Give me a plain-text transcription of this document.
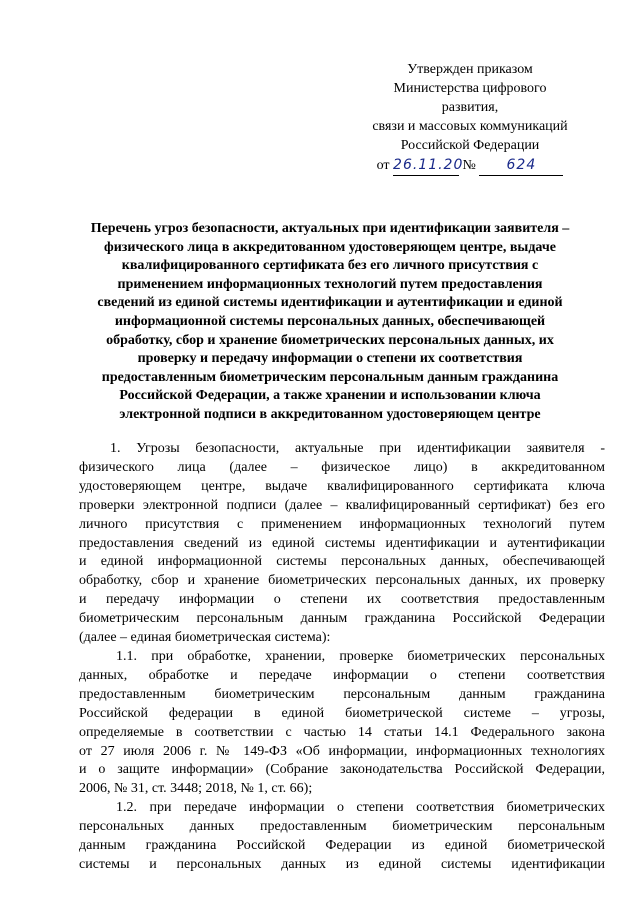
Утвержден приказом
Министерства цифрового
развития,
связи и массовых коммуникаций
Российской Федерации
от 26.11.20 № 624
Перечень угроз безопасности, актуальных при идентификации заявителя –
физического лица в аккредитованном удостоверяющем центре, выдаче
квалифицированного сертификата без его личного присутствия с
применением информационных технологий путем предоставления
сведений из единой системы идентификации и аутентификации и единой
информационной системы персональных данных, обеспечивающей
обработку, сбор и хранение биометрических персональных данных, их
проверку и передачу информации о степени их соответствия
предоставленным биометрическим персональным данным гражданина
Российской Федерации, а также хранении и использовании ключа
электронной подписи в аккредитованном удостоверяющем центре
1. Угрозы безопасности, актуальные при идентификации заявителя -
физического лица (далее – физическое лицо) в аккредитованном
удостоверяющем центре, выдаче квалифицированного сертификата ключа
проверки электронной подписи (далее – квалифицированный сертификат) без его
личного присутствия с применением информационных технологий путем
предоставления сведений из единой системы идентификации и аутентификации
и единой информационной системы персональных данных, обеспечивающей
обработку, сбор и хранение биометрических персональных данных, их проверку
и передачу информации о степени их соответствия предоставленным
биометрическим персональным данным гражданина Российской Федерации
(далее – единая биометрическая система):
1.1. при обработке, хранении, проверке биометрических персональных
данных, обработке и передаче информации о степени соответствия
предоставленным биометрическим персональным данным гражданина
Российской федерации в единой биометрической системе – угрозы,
определяемые в соответствии с частью 14 статьи 14.1 Федерального закона
от 27 июля 2006 г. № 149-ФЗ «Об информации, информационных технологиях
и о защите информации» (Собрание законодательства Российской Федерации,
2006, № 31, ст. 3448; 2018, № 1, ст. 66);
1.2. при передаче информации о степени соответствия биометрических
персональных данных предоставленным биометрическим персональным
данным гражданина Российской Федерации из единой биометрической
системы и персональных данных из единой системы идентификации
